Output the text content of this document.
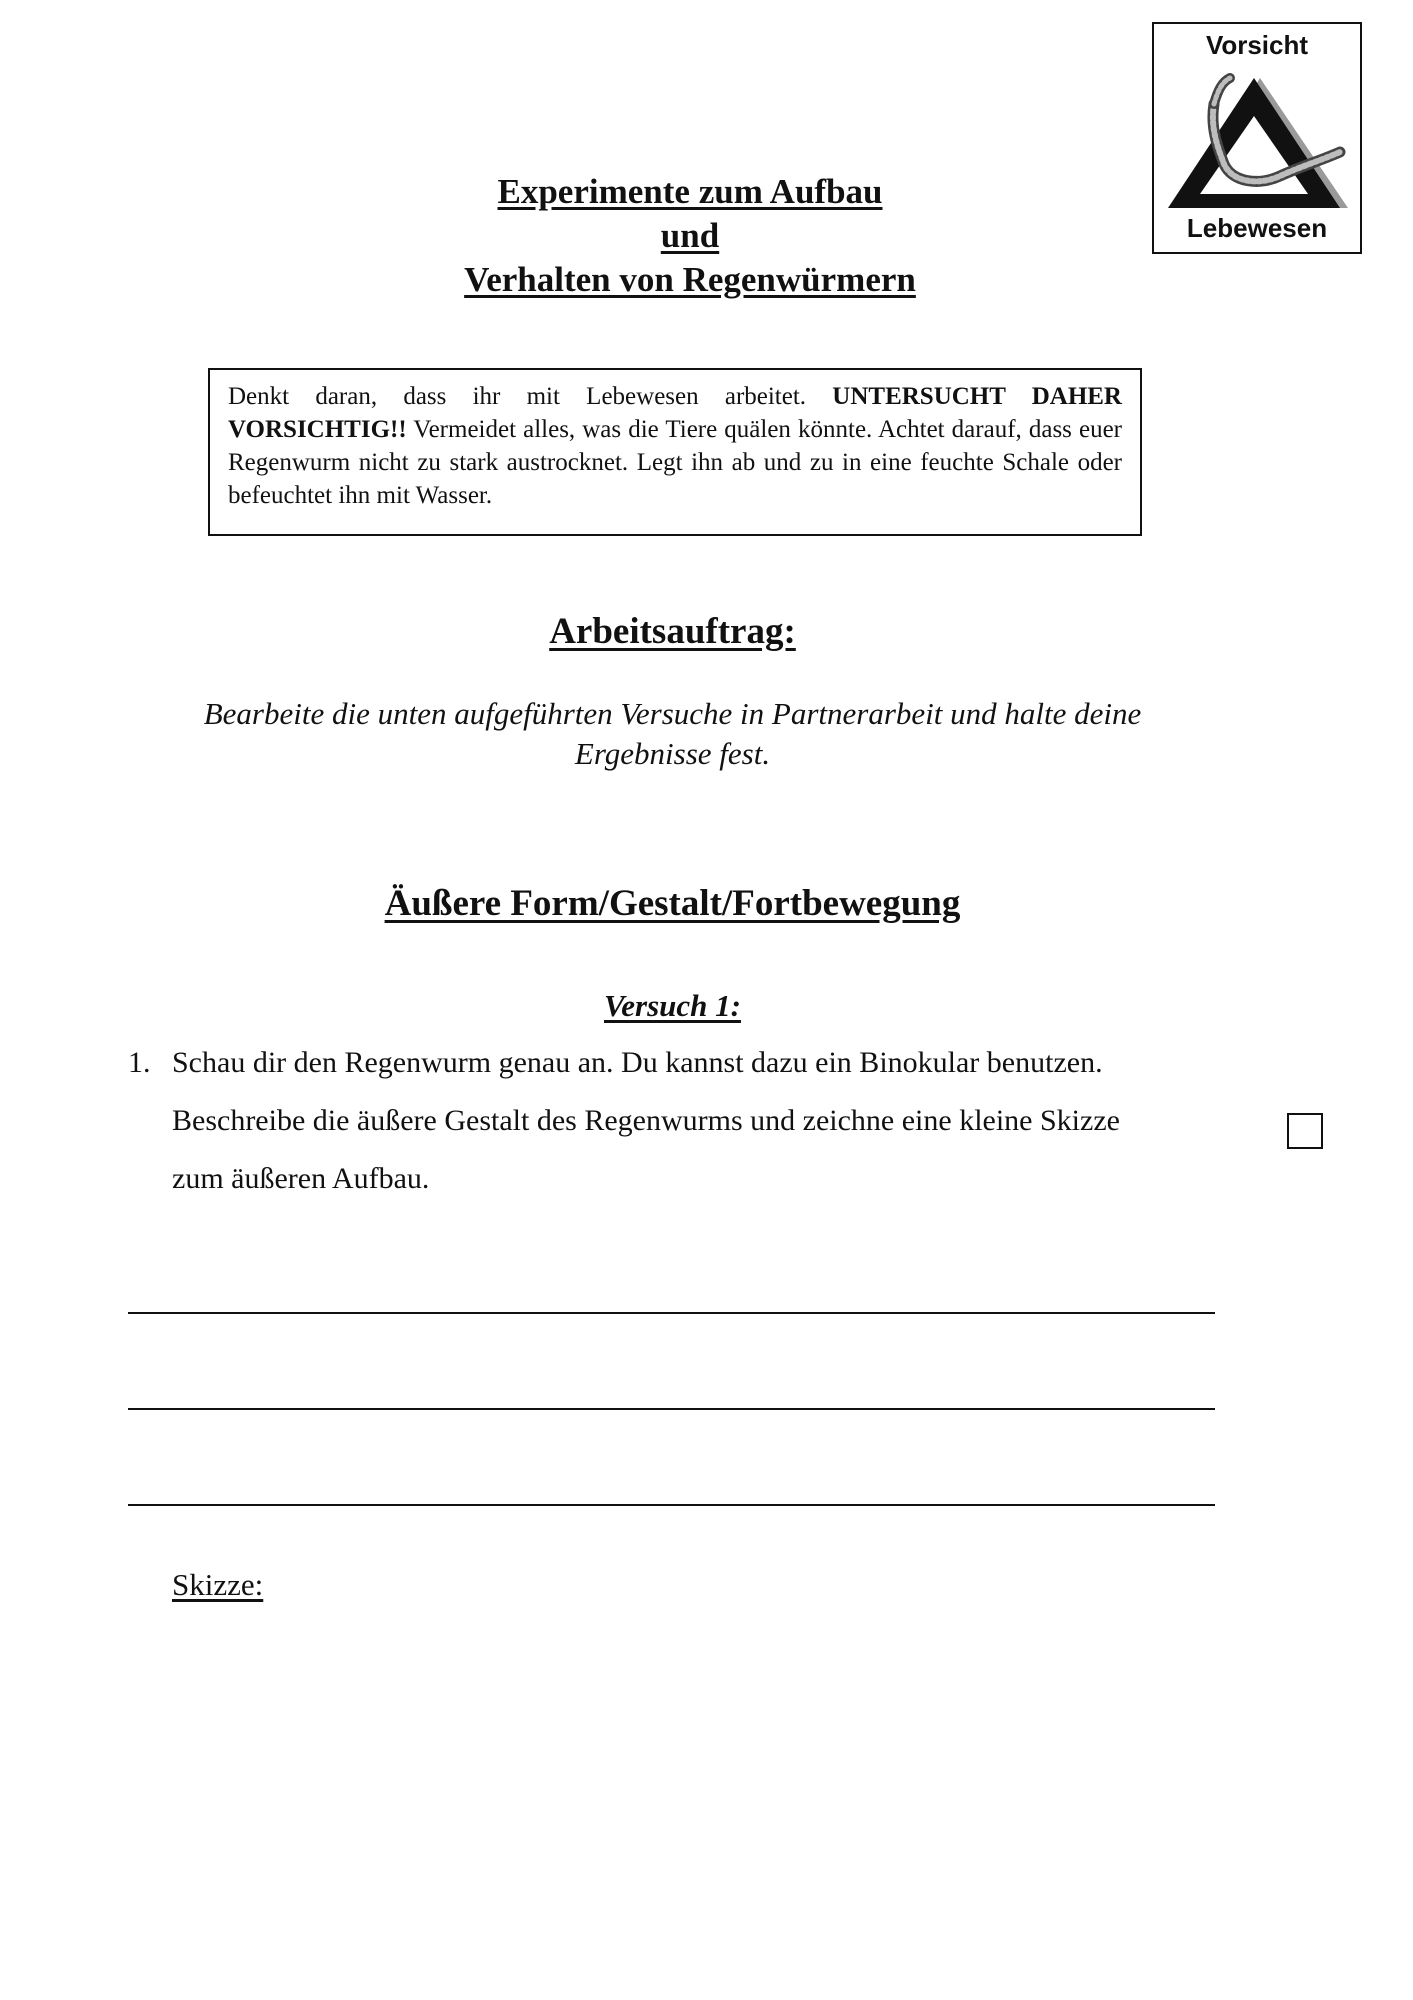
Vorsicht
Lebewesen
Experimente zum Aufbau
und
Verhalten von Regenwürmern
Denkt daran, dass ihr mit Lebewesen arbeitet. UNTERSUCHT DAHER VORSICHTIG!! Vermeidet alles, was die Tiere quälen könnte. Achtet darauf, dass euer Regenwurm nicht zu stark austrocknet. Legt ihn ab und zu in eine feuchte Schale oder befeuchtet ihn mit Wasser.
Arbeitsauftrag:
Bearbeite die unten aufgeführten Versuche in Partnerarbeit und halte deine
Ergebnisse fest.
Äußere Form/Gestalt/Fortbewegung
Versuch 1:
1. Schau dir den Regenwurm genau an. Du kannst dazu ein Binokular benutzen.
Beschreibe die äußere Gestalt des Regenwurms und zeichne eine kleine Skizze
zum äußeren Aufbau.
Skizze:
